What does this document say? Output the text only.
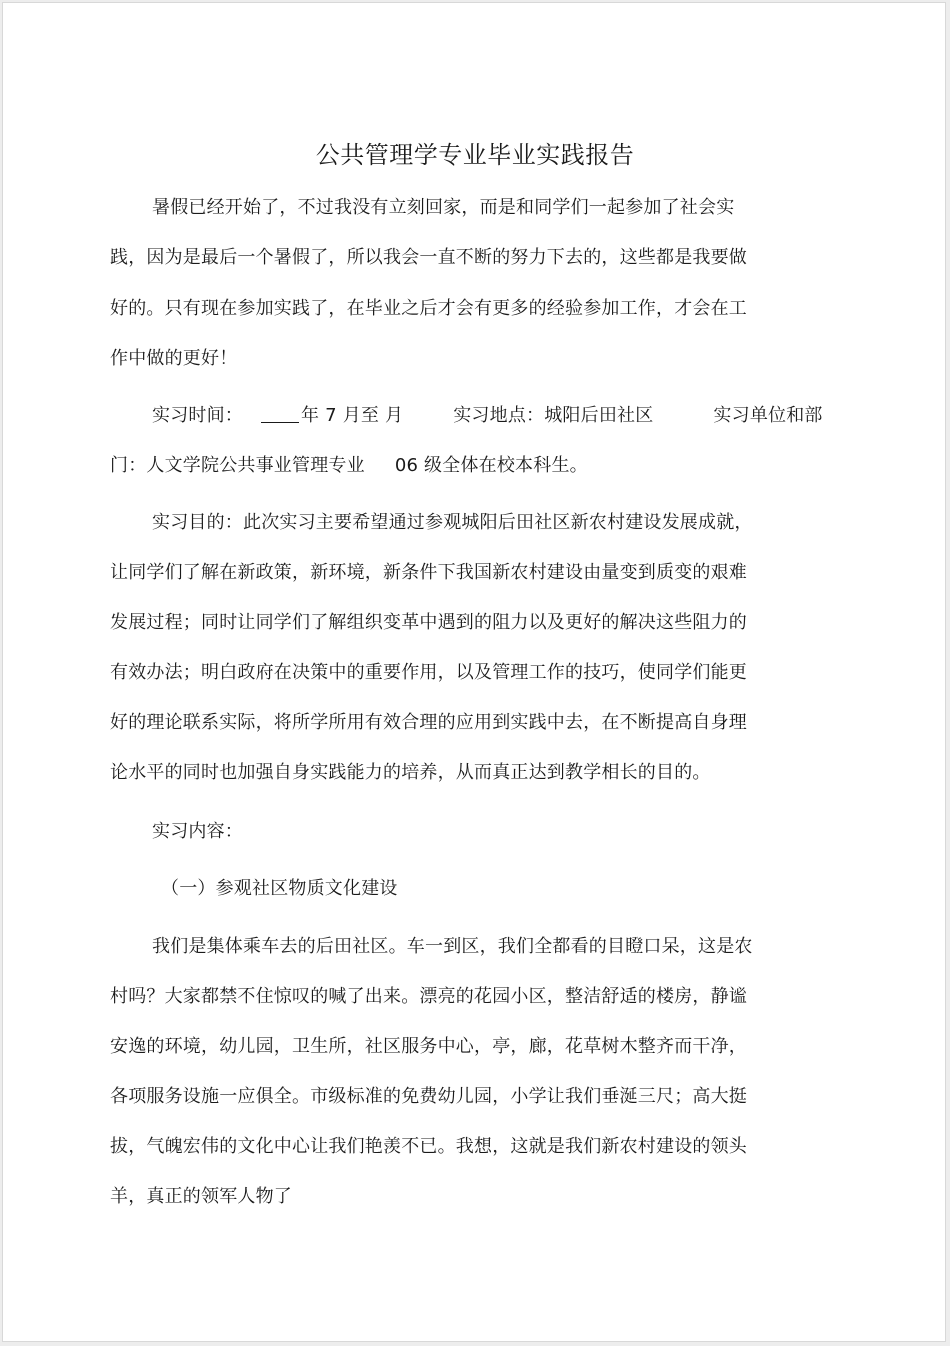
公共管理学专业毕业实践报告
暑假已经开始了，不过我没有立刻回家，而是和同学们一起参加了社会实
践，因为是最后一个暑假了，所以我会一直不断的努力下去的，这些都是我要做
好的。只有现在参加实践了，在毕业之后才会有更多的经验参加工作，才会在工
作中做的更好！
实习时间：	年 7 月至 月	实习地点：城阳后田社区	实习单位和部
门：人文学院公共事业管理专业 06 级全体在校本科生。
实习目的：此次实习主要希望通过参观城阳后田社区新农村建设发展成就，
让同学们了解在新政策，新环境，新条件下我国新农村建设由量变到质变的艰难
发展过程；同时让同学们了解组织变革中遇到的阻力以及更好的解决这些阻力的
有效办法；明白政府在决策中的重要作用，以及管理工作的技巧，使同学们能更
好的理论联系实际，将所学所用有效合理的应用到实践中去，在不断提高自身理
论水平的同时也加强自身实践能力的培养，从而真正达到教学相长的目的。
实习内容：
（一）参观社区物质文化建设
我们是集体乘车去的后田社区。车一到区，我们全都看的目瞪口呆，这是农
村吗？大家都禁不住惊叹的喊了出来。漂亮的花园小区，整洁舒适的楼房，静谧
安逸的环境，幼儿园，卫生所，社区服务中心，亭，廊，花草树木整齐而干净，
各项服务设施一应俱全。市级标准的免费幼儿园，小学让我们垂涎三尺；高大挺
拔，气魄宏伟的文化中心让我们艳羡不已。我想，这就是我们新农村建设的领头
羊，真正的领军人物了
